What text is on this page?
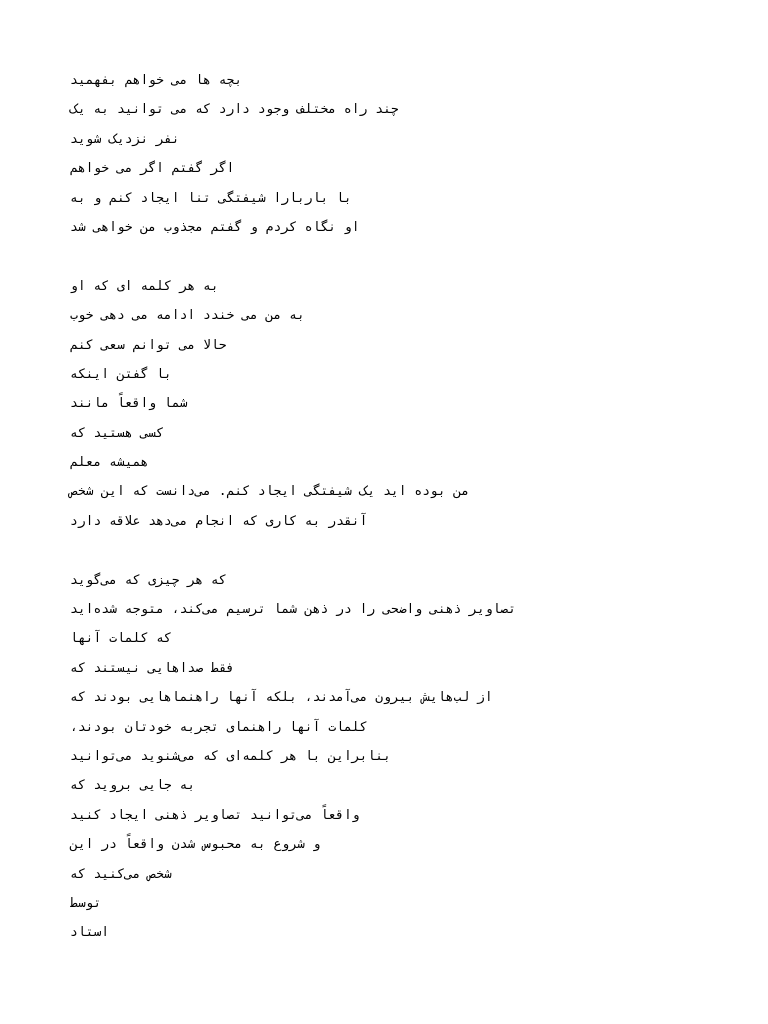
بچه ها می خواهم بفهمید
چند راه مختلف وجود دارد که می توانید به یک
نفر نزدیک شوید
اگر گفتم اگر می خواهم
با باربارا شیفتگی تنا ایجاد کنم و به
او نگاه کردم و گفتم مجذوب من خواهی شد
به هر کلمه ای که او
به من می خندد ادامه می دهی خوب
حالا می توانم سعی کنم
با گفتن اینکه
شما واقعاً مانند
کسی هستید که
همیشه معلم
من بوده اید یک شیفتگی ایجاد کنم. می‌دانست که این شخص
آنقدر به کاری که انجام می‌دهد علاقه دارد
که هر چیزی که می‌گوید
تصاویر ذهنی واضحی را در ذهن شما ترسیم می‌کند، متوجه شده‌اید
که کلمات آنها
فقط صداهایی نیستند که
از لب‌هایش بیرون می‌آمدند، بلکه آنها راهنماهایی بودند که
کلمات آنها راهنمای تجربه خودتان بودند،
بنابراین با هر کلمه‌ای که می‌شنوید می‌توانید
به جایی بروید که
واقعاً می‌توانید تصاویر ذهنی ایجاد کنید
و شروع به محبوس شدن واقعاً در این
شخص می‌کنید که
توسط
استاد
